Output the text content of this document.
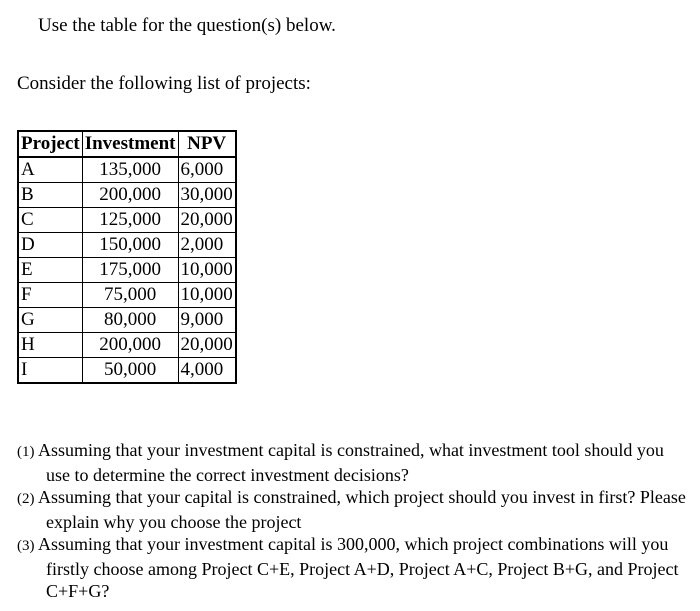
Use the table for the question(s) below.
Consider the following list of projects:
Project	Investment	NPV
A	135,000	6,000
B	200,000	30,000
C	125,000	20,000
D	150,000	2,000
E	175,000	10,000
F	75,000	10,000
G	80,000	9,000
H	200,000	20,000
I	50,000	4,000
(1) Assuming that your investment capital is constrained, what investment tool should you use to determine the correct investment decisions?
(2) Assuming that your capital is constrained, which project should you invest in first? Please explain why you choose the project
(3) Assuming that your investment capital is 300,000, which project combinations will you firstly choose among Project C+E, Project A+D, Project A+C, Project B+G, and Project C+F+G?
